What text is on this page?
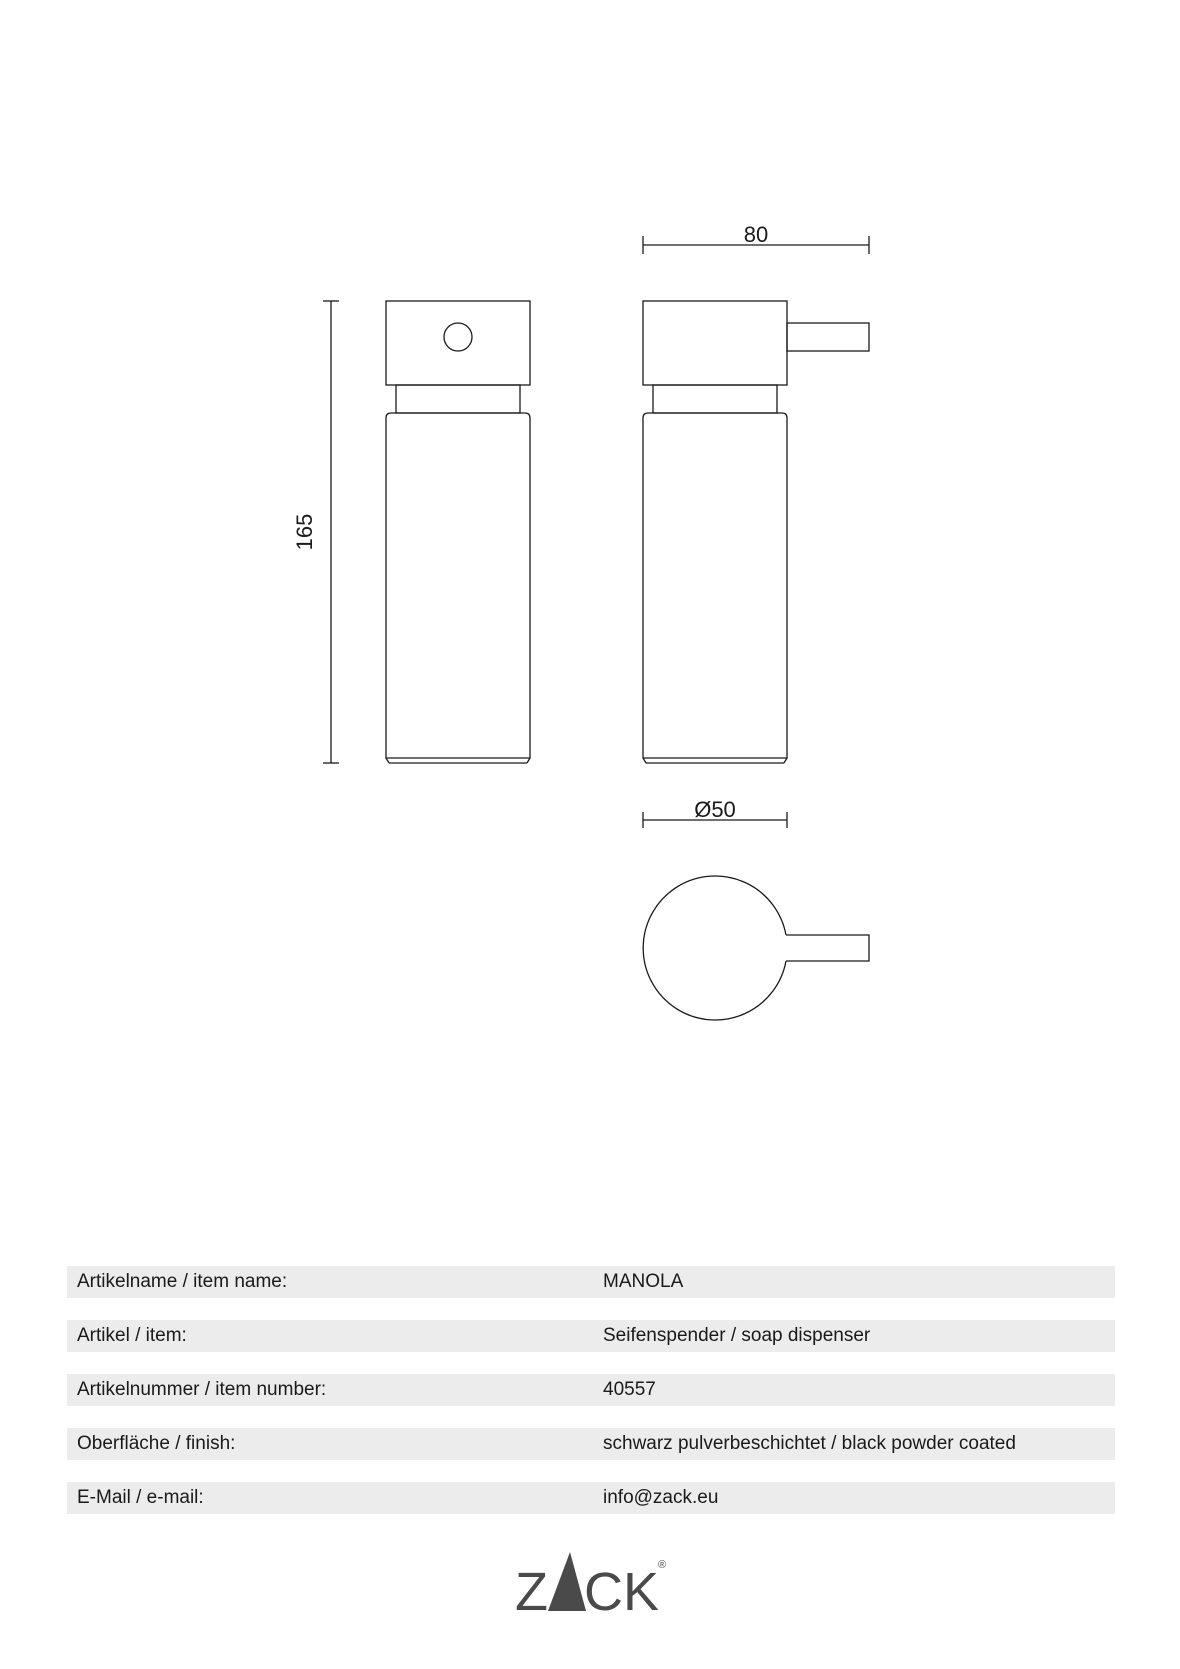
80
165
Ø50
Artikelname / item name:	MANOLA
Artikel / item:	Seifenspender / soap dispenser
Artikelnummer / item number:	40557
Oberfläche / finish:	schwarz pulverbeschichtet / black powder coated
E-Mail / e-mail:	info@zack.eu
Z CK
®
